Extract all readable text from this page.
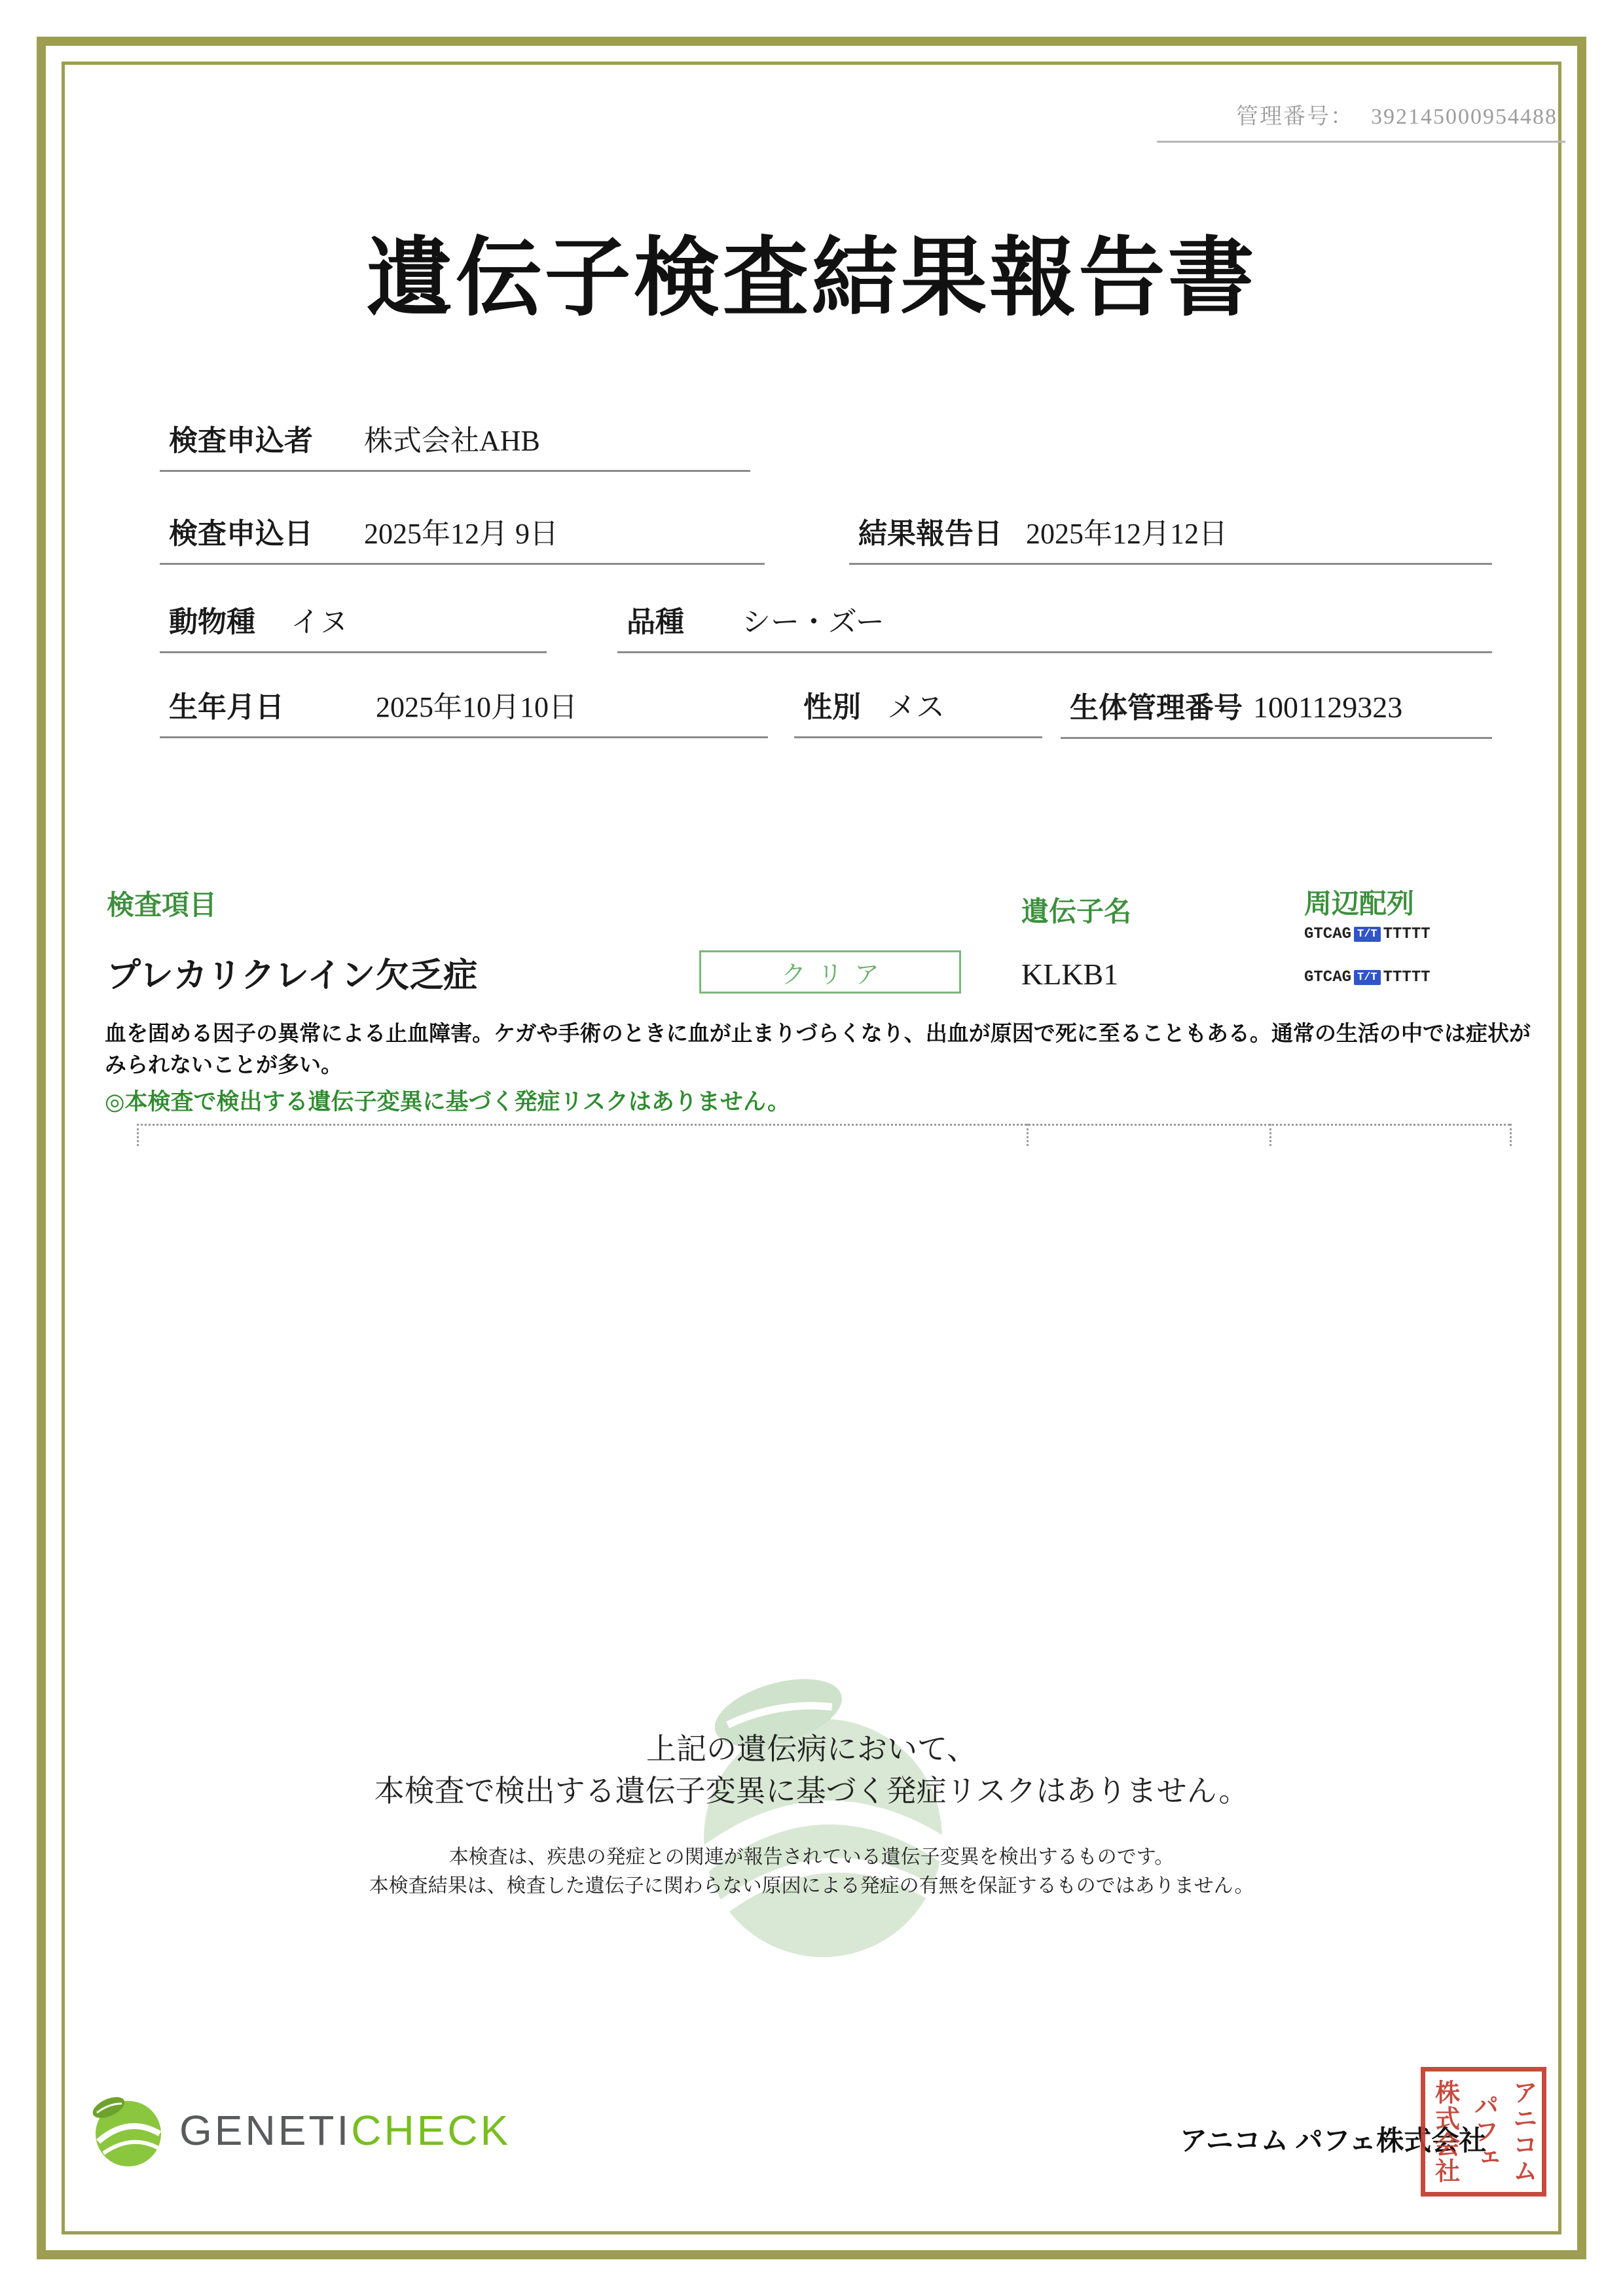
管理番号： 392145000954488
遺伝子検査結果報告書
検査申込者 株式会社AHB
検査申込日 2025年12月 9日	結果報告日 2025年12月12日
動物種 イヌ	品種 シー・ズー
生年月日	2025年10月10日	性別 メス	生体管理番号 1001129323
検査項目	遺伝子名	周辺配列
プレカリクレイン欠乏症	クリア	KLKB1
GTCAG T/T TTTTT
GTCAG T/T TTTTT
血を固める因子の異常による止血障害。ケガや手術のときに血が止まりづらくなり、出血が原因で死に至ることもある。通常の生活の中では症状がみられないことが多い。
◎本検査で検出する遺伝子変異に基づく発症リスクはありません。
上記の遺伝病において、
本検査で検出する遺伝子変異に基づく発症リスクはありません。
本検査は、疾患の発症との関連が報告されている遺伝子変異を検出するものです。
本検査結果は、検査した遺伝子に関わらない原因による発症の有無を保証するものではありません。
GENETICHECK	アニコム パフェ株式会社 アニコム
パフェ
株式会社
